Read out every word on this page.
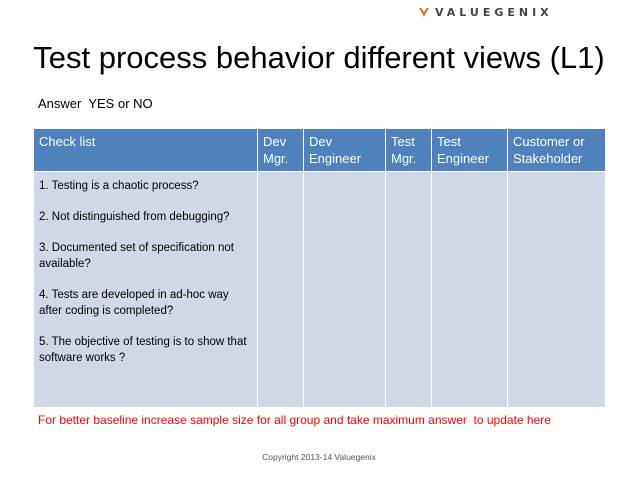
VALUEGENIX
Test process behavior different views (L1)
Answer  YES or NO
Check list	Dev Mgr.	Dev Engineer	Test Mgr.	Test Engineer	Customer or Stakeholder

1. Testing is a chaotic process?
2. Not distinguished from debugging?
3. Documented set of specification not available?
4. Tests are developed in ad-hoc way after coding is completed?
5. The objective of testing is to show that software works ?					

For better baseline increase sample size for all group and take maximum answer  to update here
Copyright 2013-14 Valuegenix
